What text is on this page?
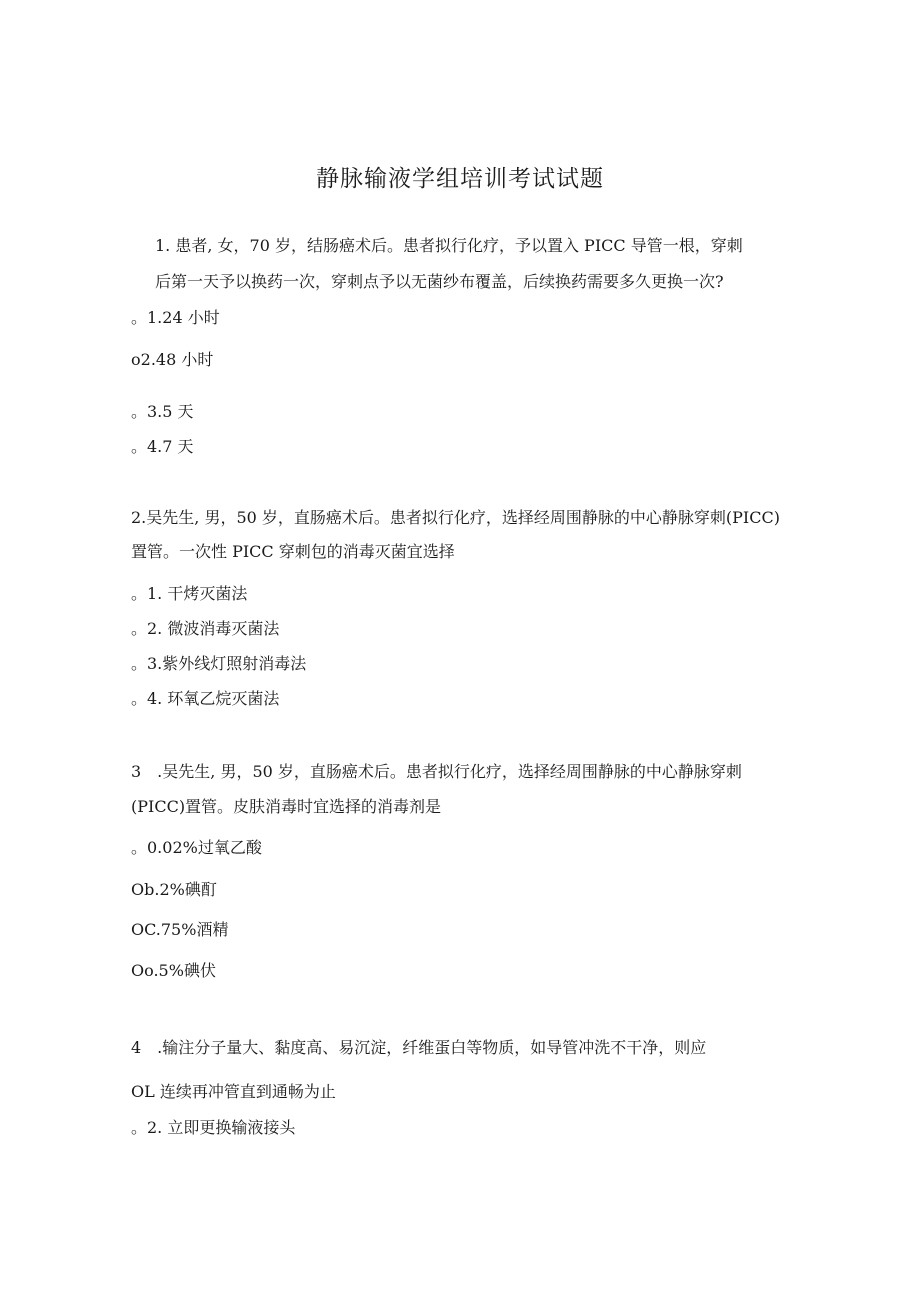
静脉输液学组培训考试试题
1. 患者, 女，70 岁，结肠癌术后。患者拟行化疗，予以置入 PICC 导管一根，穿刺
后第一天予以换药一次，穿刺点予以无菌纱布覆盖，后续换药需要多久更换一次?
。1.24 小时
o2.48 小时
。3.5 天
。4.7 天
2.吴先生, 男，50 岁，直肠癌术后。患者拟行化疗，选择经周围静脉的中心静脉穿刺(PICC)
置管。一次性 PICC 穿刺包的消毒灭菌宜选择
。1. 干烤灭菌法
。2. 微波消毒灭菌法
。3.紫外线灯照射消毒法
。4. 环氧乙烷灭菌法
3　.吴先生, 男，50 岁，直肠癌术后。患者拟行化疗，选择经周围静脉的中心静脉穿刺
(PICC)置管。皮肤消毒时宜选择的消毒剂是
。0.02%过氧乙酸
Ob.2%碘酊
OC.75%酒精
Oo.5%碘伏
4　.输注分子量大、黏度高、易沉淀，纤维蛋白等物质，如导管冲洗不干净，则应
OL 连续再冲管直到通畅为止
。2. 立即更换输液接头
